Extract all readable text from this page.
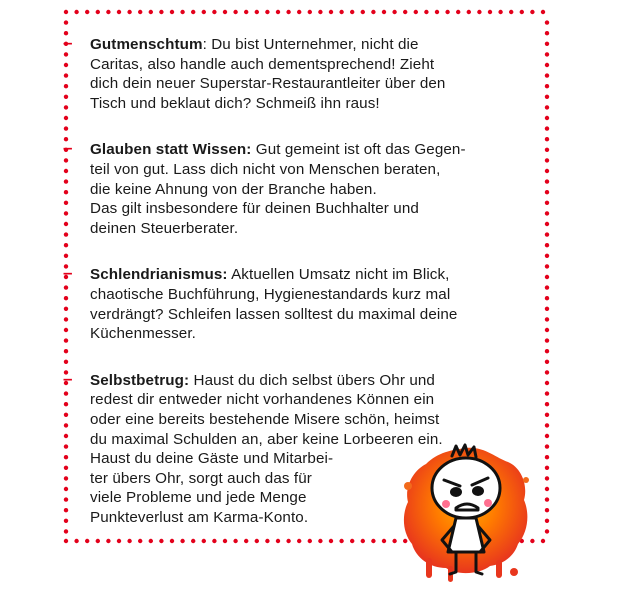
– Gutmenschtum: Du bist Unternehmer, nicht die
Caritas, also handle auch dementsprechend! Zieht
dich dein neuer Superstar-Restaurantleiter über den
Tisch und beklaut dich? Schmeiß ihn raus!
– Glauben statt Wissen: Gut gemeint ist oft das Gegen-
teil von gut. Lass dich nicht von Menschen beraten,
die keine Ahnung von der Branche haben.
Das gilt insbesondere für deinen Buchhalter und
deinen Steuerberater.
– Schlendrianismus: Aktuellen Umsatz nicht im Blick,
chaotische Buchführung, Hygienestandards kurz mal
verdrängt? Schleifen lassen solltest du maximal deine
Küchenmesser.
– Selbstbetrug: Haust du dich selbst übers Ohr und
redest dir entweder nicht vorhandenes Können ein
oder eine bereits bestehende Misere schön, heimst
du maximal Schulden an, aber keine Lorbeeren ein.
Haust du deine Gäste und Mitarbei-
ter übers Ohr, sorgt auch das für
viele Probleme und jede Menge
Punkteverlust am Karma-Konto.
